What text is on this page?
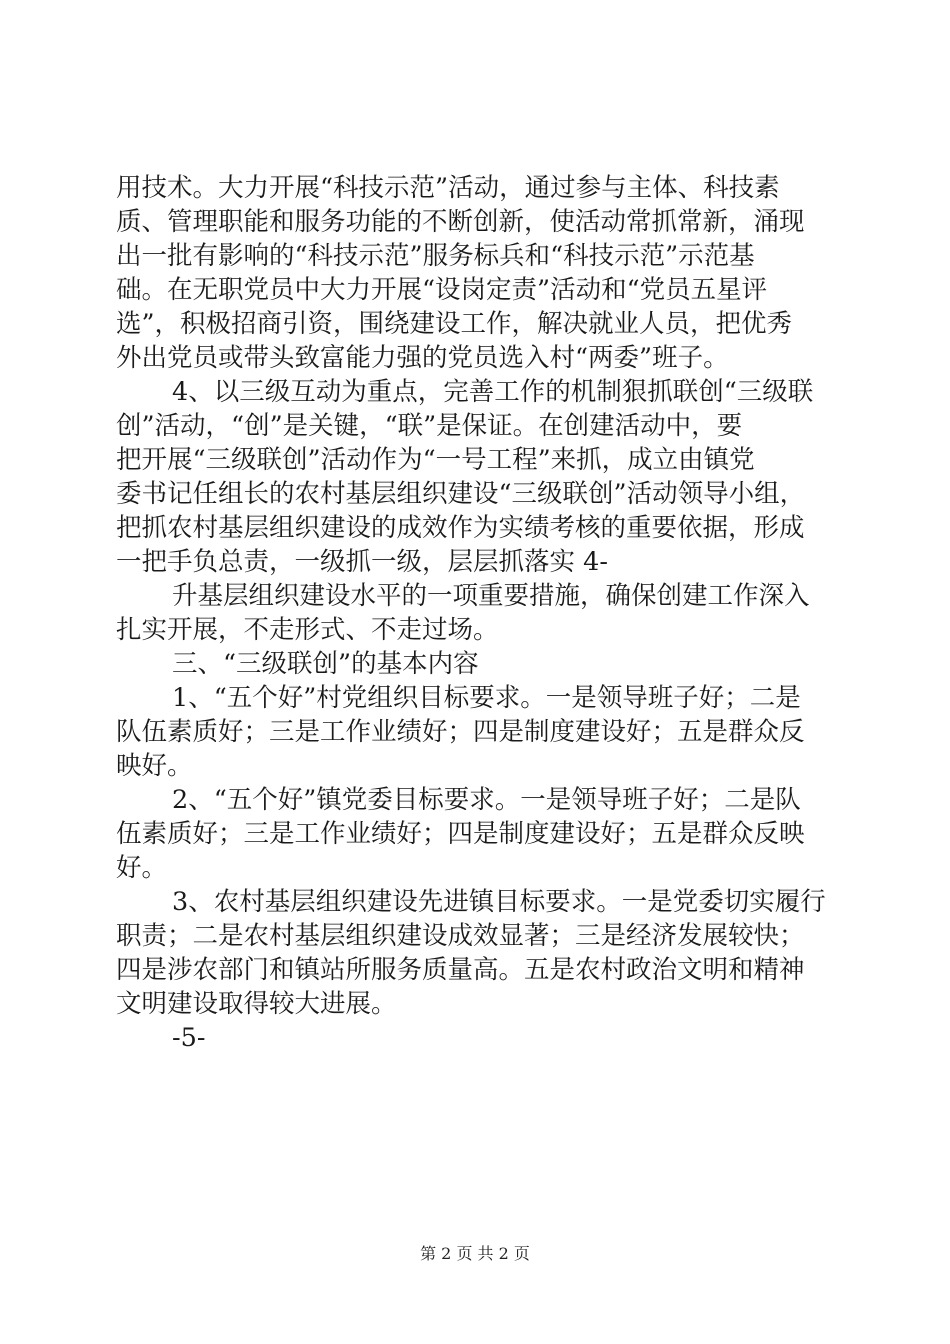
用技术。大力开展“科技示范”活动，通过参与主体、科技素
质、管理职能和服务功能的不断创新，使活动常抓常新，涌现
出一批有影响的“科技示范”服务标兵和“科技示范”示范基
础。在无职党员中大力开展“设岗定责”活动和“党员五星评
选”，积极招商引资，围绕建设工作，解决就业人员，把优秀
外出党员或带头致富能力强的党员选入村“两委”班子。
4、以三级互动为重点，完善工作的机制狠抓联创“三级联
创”活动，“创”是关键，“联”是保证。在创建活动中，要
把开展“三级联创”活动作为“一号工程”来抓，成立由镇党
委书记任组长的农村基层组织建设“三级联创”活动领导小组，
把抓农村基层组织建设的成效作为实绩考核的重要依据，形成
一把手负总责，一级抓一级，层层抓落实 4-
升基层组织建设水平的一项重要措施，确保创建工作深入
扎实开展，不走形式、不走过场。
三、“三级联创”的基本内容
1、“五个好”村党组织目标要求。一是领导班子好；二是
队伍素质好；三是工作业绩好；四是制度建设好；五是群众反
映好。
2、“五个好”镇党委目标要求。一是领导班子好；二是队
伍素质好；三是工作业绩好；四是制度建设好；五是群众反映
好。
3、农村基层组织建设先进镇目标要求。一是党委切实履行
职责；二是农村基层组织建设成效显著；三是经济发展较快；
四是涉农部门和镇站所服务质量高。五是农村政治文明和精神
文明建设取得较大进展。
-5-
第 2 页 共 2 页
